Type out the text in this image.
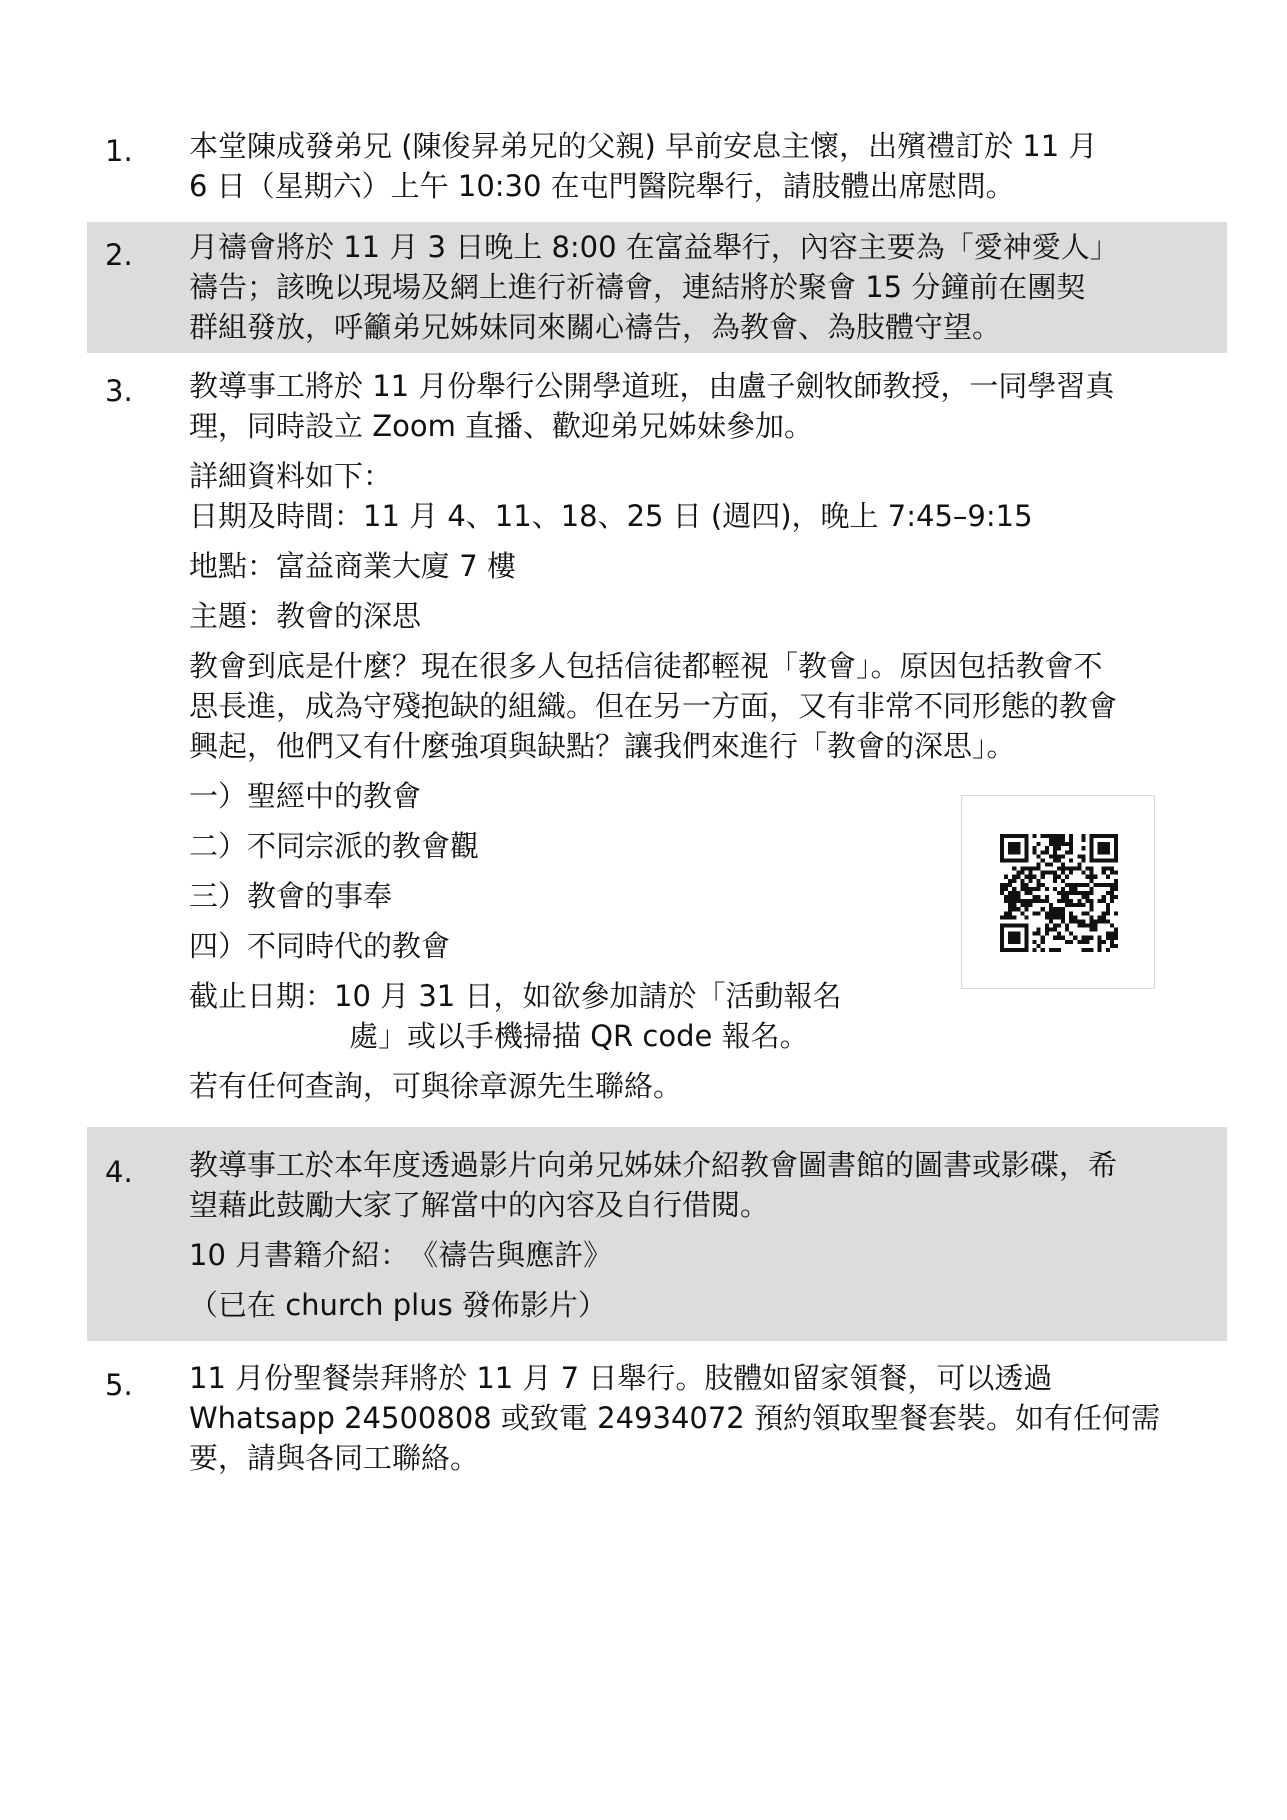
1. 本堂陳成發弟兄 (陳俊昇弟兄的父親) 早前安息主懷，出殯禮訂於 11 月
6 日（星期六）上午 10:30 在屯門醫院舉行，請肢體出席慰問。
2. 月禱會將於 11 月 3 日晚上 8:00 在富益舉行，內容主要為「愛神愛人」
禱告；該晚以現場及網上進行祈禱會，連結將於聚會 15 分鐘前在團契
群組發放，呼籲弟兄姊妹同來關心禱告，為教會、為肢體守望。
3. 教導事工將於 11 月份舉行公開學道班，由盧子劍牧師教授，一同學習真
理，同時設立 Zoom 直播、歡迎弟兄姊妹參加。
詳細資料如下：
日期及時間：11 月 4、11、18、25 日 (週四)，晚上 7:45–9:15
地點：富益商業大廈 7 樓
主題：教會的深思
教會到底是什麼？現在很多人包括信徒都輕視「教會」。原因包括教會不
思長進，成為守殘抱缺的組織。但在另一方面，又有非常不同形態的教會
興起，他們又有什麼強項與缺點？讓我們來進行「教會的深思」。
一）聖經中的教會
二）不同宗派的教會觀
三）教會的事奉
四）不同時代的教會
截止日期：10 月 31 日，如欲參加請於「活動報名
處」或以手機掃描 QR code 報名。
若有任何查詢，可與徐章源先生聯絡。
4. 教導事工於本年度透過影片向弟兄姊妹介紹教會圖書館的圖書或影碟，希
望藉此鼓勵大家了解當中的內容及自行借閱。
10 月書籍介紹：　《禱告與應許》
（已在 church plus 發佈影片）
5. 11 月份聖餐崇拜將於 11 月 7 日舉行。肢體如留家領餐，可以透過
Whatsapp 24500808 或致電 24934072 預約領取聖餐套裝。如有任何需
要，請與各同工聯絡。
